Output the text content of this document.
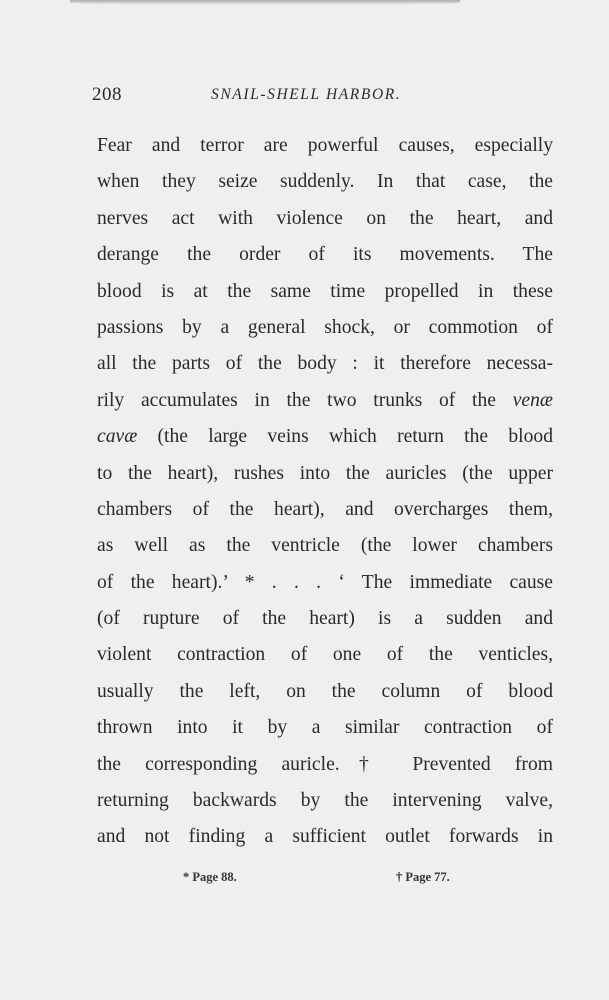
208	SNAIL-SHELL HARBOR.
Fear and terror are powerful causes, especially
when they seize suddenly. In that case, the
nerves act with violence on the heart, and
derange the order of its movements. The
blood is at the same time propelled in these
passions by a general shock, or commotion of
all the parts of the body : it therefore necessa-
rily accumulates in the two trunks of the venæ
cavæ (the large veins which return the blood
to the heart), rushes into the auricles (the upper
chambers of the heart), and overcharges them,
as well as the ventricle (the lower chambers
of the heart).’ * . . . ‘ The immediate cause
(of rupture of the heart) is a sudden and
violent contraction of one of the venticles,
usually the left, on the column of blood
thrown into it by a similar contraction of
the corresponding auricle.† Prevented from
returning backwards by the intervening valve,
and not finding a sufficient outlet forwards in
* Page 88.	† Page 77.
